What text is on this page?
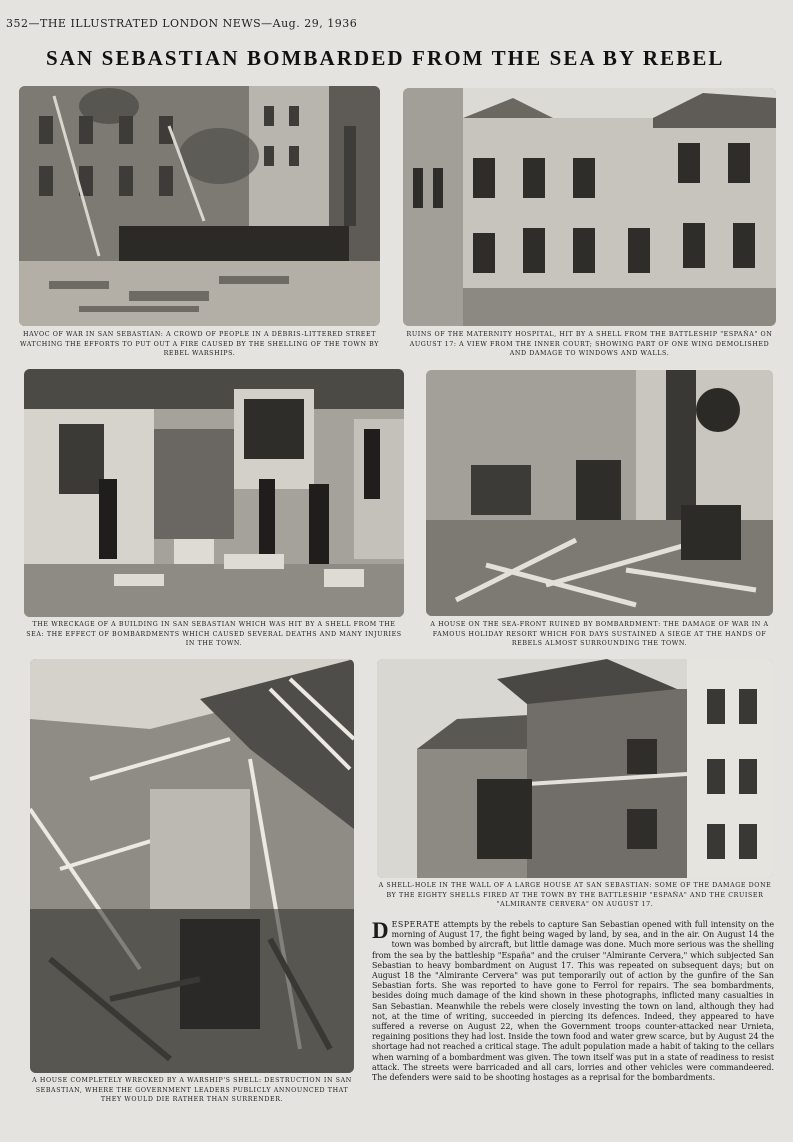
352—THE ILLUSTRATED LONDON NEWS—Aug. 29, 1936
SAN SEBASTIAN BOMBARDED FROM THE SEA BY REBEL
HAVOC OF WAR IN SAN SEBASTIAN: A CROWD OF PEOPLE IN A DÉBRIS-LITTERED STREET WATCHING THE EFFORTS TO PUT OUT A FIRE CAUSED BY THE SHELLING OF THE TOWN BY REBEL WARSHIPS.
RUINS OF THE MATERNITY HOSPITAL, HIT BY A SHELL FROM THE BATTLESHIP "ESPAÑA" ON AUGUST 17: A VIEW FROM THE INNER COURT; SHOWING PART OF ONE WING DEMOLISHED AND DAMAGE TO WINDOWS AND WALLS.
THE WRECKAGE OF A BUILDING IN SAN SEBASTIAN WHICH WAS HIT BY A SHELL FROM THE SEA: THE EFFECT OF BOMBARDMENTS WHICH CAUSED SEVERAL DEATHS AND MANY INJURIES IN THE TOWN.
A HOUSE ON THE SEA-FRONT RUINED BY BOMBARDMENT: THE DAMAGE OF WAR IN A FAMOUS HOLIDAY RESORT WHICH FOR DAYS SUSTAINED A SIEGE AT THE HANDS OF REBELS ALMOST SURROUNDING THE TOWN.
A HOUSE COMPLETELY WRECKED BY A WARSHIP'S SHELL: DESTRUCTION IN SAN SEBASTIAN, WHERE THE GOVERNMENT LEADERS PUBLICLY ANNOUNCED THAT THEY WOULD DIE RATHER THAN SURRENDER.
A SHELL-HOLE IN THE WALL OF A LARGE HOUSE AT SAN SEBASTIAN: SOME OF THE DAMAGE DONE BY THE EIGHTY SHELLS FIRED AT THE TOWN BY THE BATTLESHIP "ESPAÑA" AND THE CRUISER "ALMIRANTE CERVERA" ON AUGUST 17.
DESPERATE attempts by the rebels to capture San Sebastian opened with full intensity on the morning of August 17, the fight being waged by land, by sea, and in the air. On August 14 the town was bombed by aircraft, but little damage was done. Much more serious was the shelling from the sea by the battleship "España" and the cruiser "Almirante Cervera," which subjected San Sebastian to heavy bombardment on August 17. This was repeated on subsequent days; but on August 18 the "Almirante Cervera" was put temporarily out of action by the gunfire of the San Sebastian forts. She was reported to have gone to Ferrol for repairs. The sea bombardments, besides doing much damage of the kind shown in these photographs, inflicted many casualties in San Sebastian. Meanwhile the rebels were closely investing the town on land, although they had not, at the time of writing, succeeded in piercing its defences. Indeed, they appeared to have suffered a reverse on August 22, when the Government troops counter-attacked near Urnieta, regaining positions they had lost. Inside the town food and water grew scarce, but by August 24 the shortage had not reached a critical stage. The adult population made a habit of taking to the cellars when warning of a bombardment was given. The town itself was put in a state of readiness to resist attack. The streets were barricaded and all cars, lorries and other vehicles were commandeered. The defenders were said to be shooting hostages as a reprisal for the bombardments.
